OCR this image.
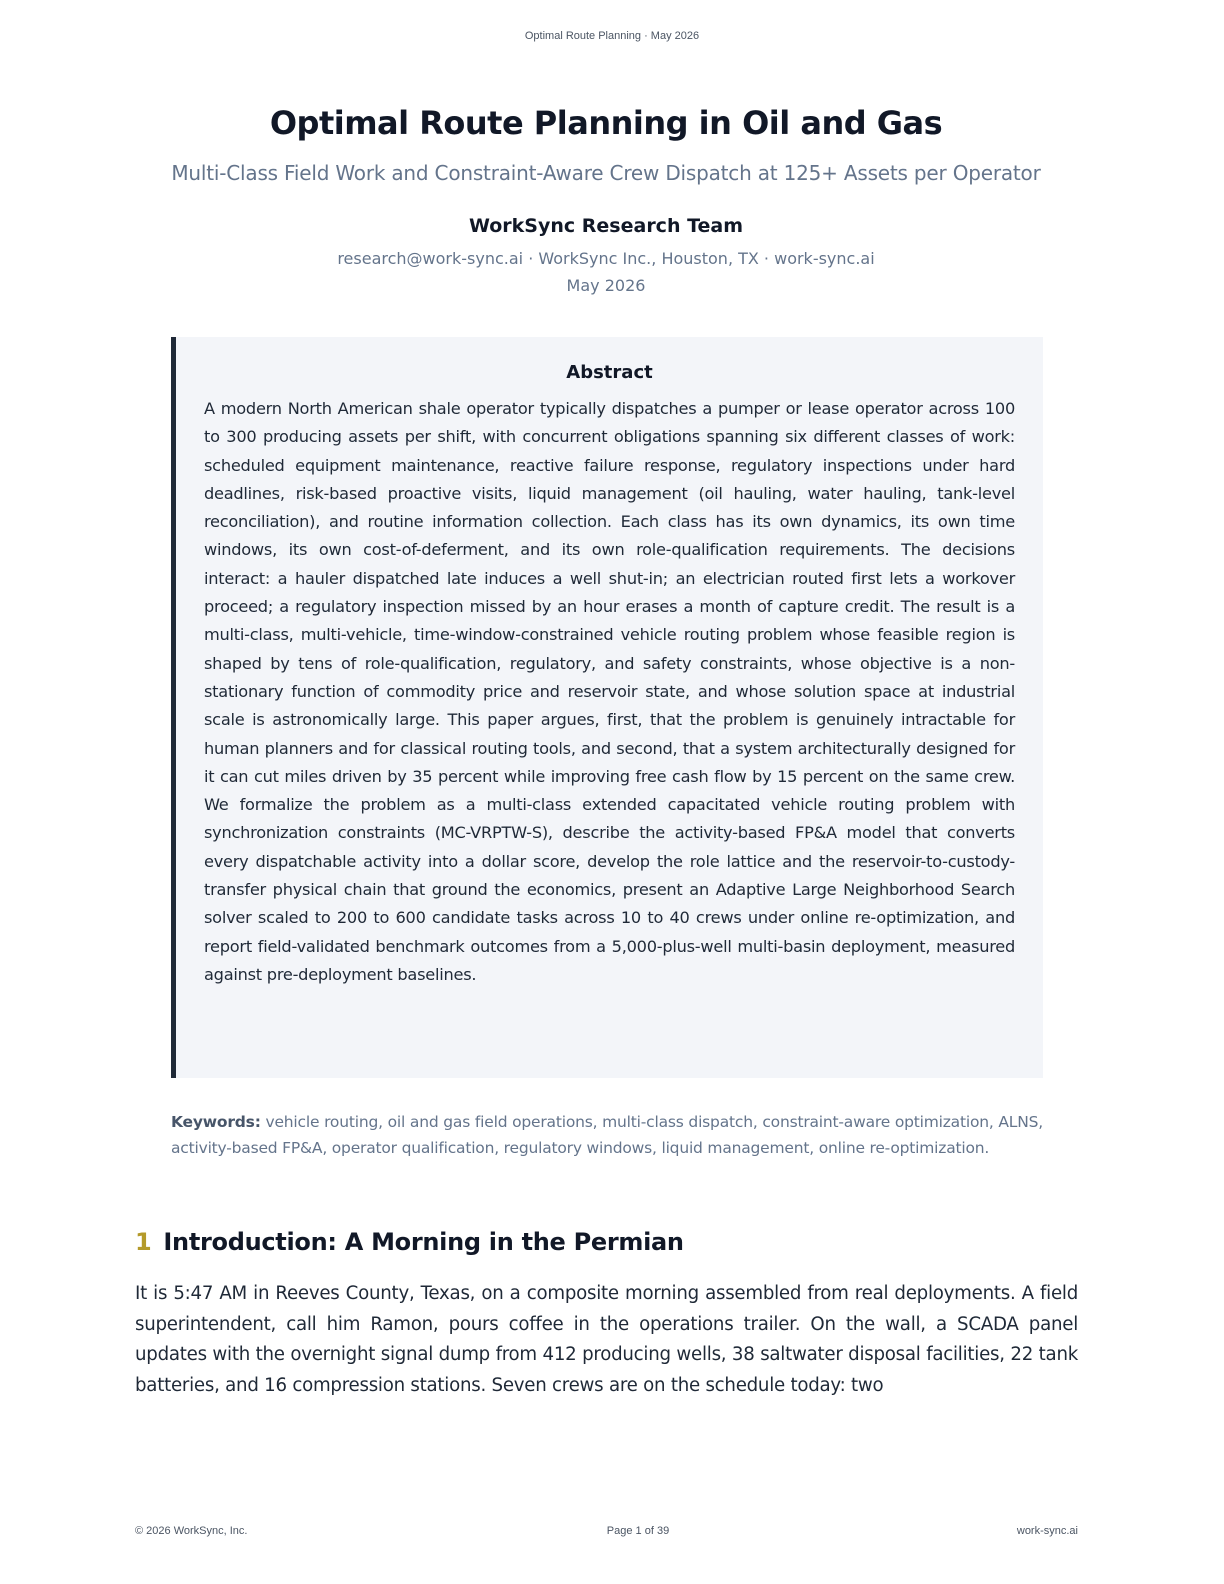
Optimal Route Planning · May 2026
Optimal Route Planning in Oil and Gas
Multi-Class Field Work and Constraint-Aware Crew Dispatch at 125+ Assets per Operator
WorkSync Research Team
research@work-sync.ai · WorkSync Inc., Houston, TX · work-sync.ai
May 2026
Abstract

A modern North American shale operator typically dispatches a pumper or lease operator across 100 to 300 producing assets per shift, with concurrent obligations spanning six different classes of work: scheduled equipment maintenance, reactive failure response, regulatory inspections under hard deadlines, risk-based proactive visits, liquid management (oil hauling, water hauling, tank-level reconciliation), and routine information collection. Each class has its own dynamics, its own time windows, its own cost-of-deferment, and its own role-qualification requirements. The decisions interact: a hauler dispatched late induces a well shut-in; an electrician routed first lets a workover proceed; a regulatory inspection missed by an hour erases a month of capture credit. The result is a multi-class, multi-vehicle, time-window-constrained vehicle routing problem whose feasible region is shaped by tens of role-qualification, regulatory, and safety constraints, whose objective is a non-stationary function of commodity price and reservoir state, and whose solution space at industrial scale is astronomically large. This paper argues, first, that the problem is genuinely intractable for human planners and for classical routing tools, and second, that a system architecturally designed for it can cut miles driven by 35 percent while improving free cash flow by 15 percent on the same crew. We formalize the problem as a multi-class extended capacitated vehicle routing problem with synchronization constraints (MC-VRPTW-S), describe the activity-based FP&A model that converts every dispatchable activity into a dollar score, develop the role lattice and the reservoir-to-custody-transfer physical chain that ground the economics, present an Adaptive Large Neighborhood Search solver scaled to 200 to 600 candidate tasks across 10 to 40 crews under online re-optimization, and report field-validated benchmark outcomes from a 5,000-plus-well multi-basin deployment, measured against pre-deployment baselines.

Keywords: vehicle routing, oil and gas field operations, multi-class dispatch, constraint-aware optimization, ALNS, activity-based FP&A, operator qualification, regulatory windows, liquid management, online re-optimization.
1 Introduction: A Morning in the Permian

It is 5:47 AM in Reeves County, Texas, on a composite morning assembled from real deployments. A field superintendent, call him Ramon, pours coffee in the operations trailer. On the wall, a SCADA panel updates with the overnight signal dump from 412 producing wells, 38 saltwater disposal facilities, 22 tank batteries, and 16 compression stations. Seven crews are on the schedule today: two

© 2026 WorkSync, Inc.	Page 1 of 39	work-sync.ai
